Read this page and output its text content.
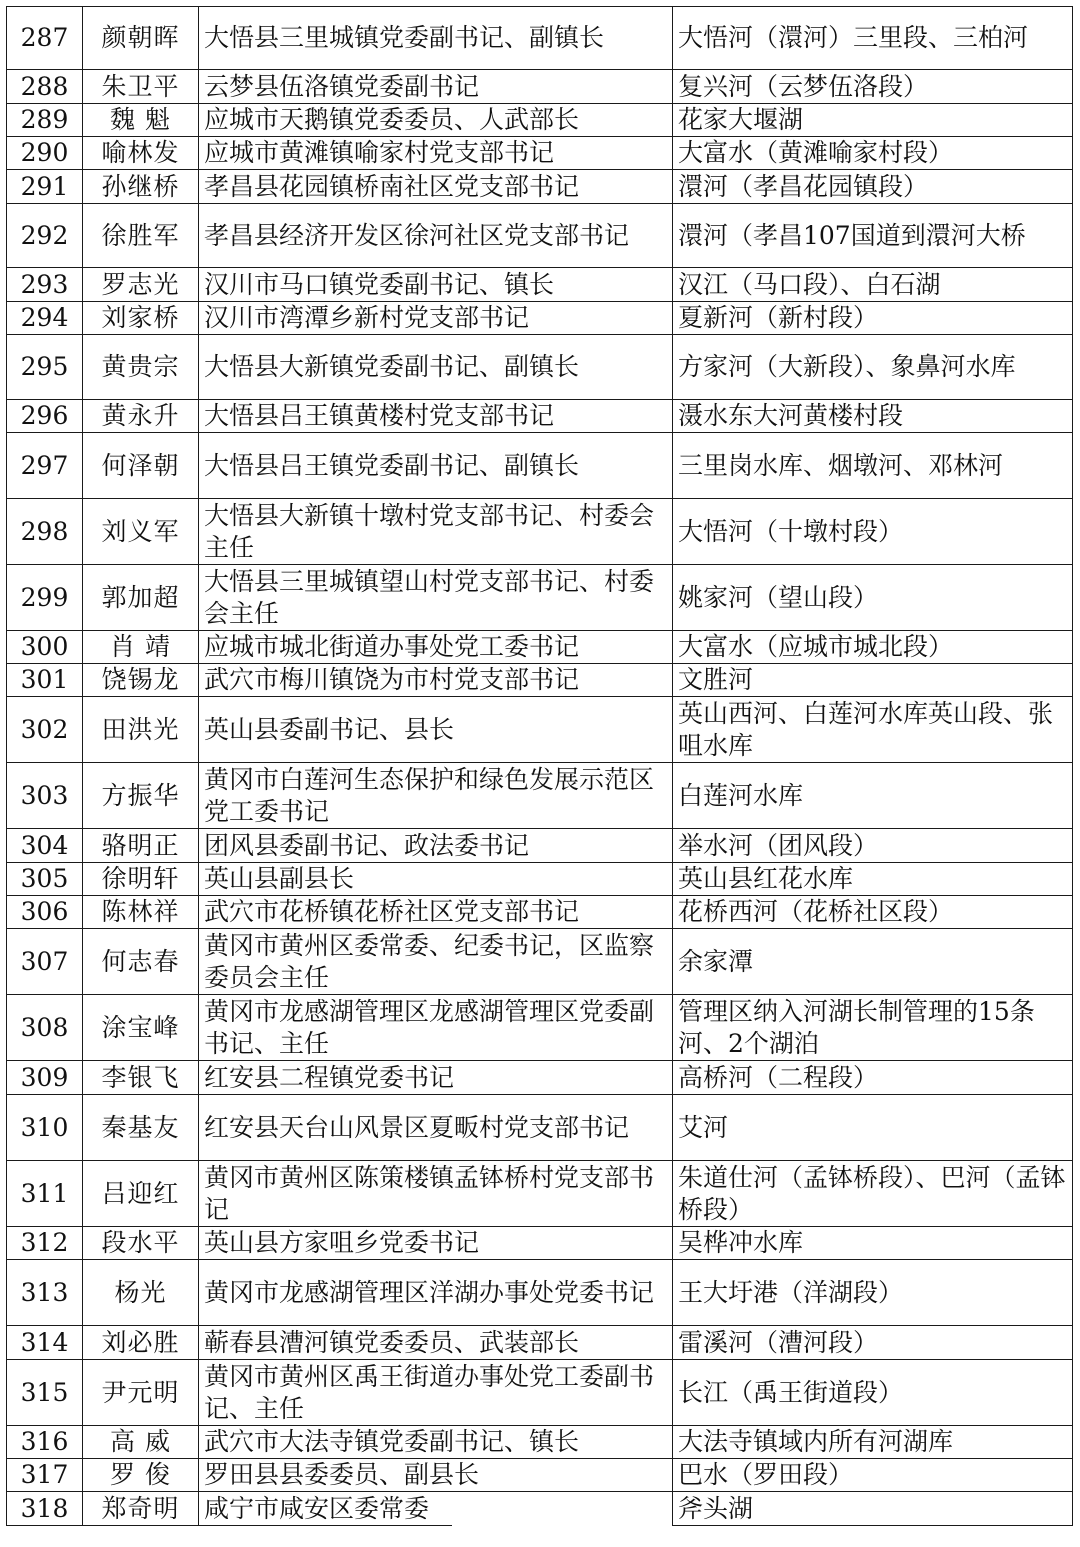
287	颜朝晖	大悟县三里城镇党委副书记、副镇长	大悟河（澴河）三里段、三柏河
288	朱卫平	云梦县伍洛镇党委副书记	复兴河（云梦伍洛段）
289	魏 魁	应城市天鹅镇党委委员、人武部长	花家大堰湖
290	喻林发	应城市黄滩镇喻家村党支部书记	大富水（黄滩喻家村段）
291	孙继桥	孝昌县花园镇桥南社区党支部书记	澴河（孝昌花园镇段）
292	徐胜军	孝昌县经济开发区徐河社区党支部书记	澴河（孝昌107国道到澴河大桥
293	罗志光	汉川市马口镇党委副书记、镇长	汉江（马口段）、白石湖
294	刘家桥	汉川市湾潭乡新村党支部书记	夏新河（新村段）
295	黄贵宗	大悟县大新镇党委副书记、副镇长	方家河（大新段）、象鼻河水库
296	黄永升	大悟县吕王镇黄楼村党支部书记	滠水东大河黄楼村段
297	何泽朝	大悟县吕王镇党委副书记、副镇长	三里岗水库、烟墩河、邓林河
298	刘义军	大悟县大新镇十墩村党支部书记、村委会主任	大悟河（十墩村段）
299	郭加超	大悟县三里城镇望山村党支部书记、村委会主任	姚家河（望山段）
300	肖 靖	应城市城北街道办事处党工委书记	大富水（应城市城北段）
301	饶锡龙	武穴市梅川镇饶为市村党支部书记	文胜河
302	田洪光	英山县委副书记、县长	英山西河、白莲河水库英山段、张咀水库
303	方振华	黄冈市白莲河生态保护和绿色发展示范区党工委书记	白莲河水库
304	骆明正	团风县委副书记、政法委书记	举水河（团风段）
305	徐明轩	英山县副县长	英山县红花水库
306	陈林祥	武穴市花桥镇花桥社区党支部书记	花桥西河（花桥社区段）
307	何志春	黄冈市黄州区委常委、纪委书记，区监察委员会主任	余家潭
308	涂宝峰	黄冈市龙感湖管理区龙感湖管理区党委副书记、主任	管理区纳入河湖长制管理的15条河、2个湖泊
309	李银飞	红安县二程镇党委书记	高桥河（二程段）
310	秦基友	红安县天台山风景区夏畈村党支部书记	艾河
311	吕迎红	黄冈市黄州区陈策楼镇孟钵桥村党支部书记	朱道仕河（孟钵桥段）、巴河（孟钵桥段）
312	段水平	英山县方家咀乡党委书记	吴桦冲水库
313	杨光	黄冈市龙感湖管理区洋湖办事处党委书记	王大圩港（洋湖段）
314	刘必胜	蕲春县漕河镇党委委员、武装部长	雷溪河（漕河段）
315	尹元明	黄冈市黄州区禹王街道办事处党工委副书记、主任	长江（禹王街道段）
316	高 威	武穴市大法寺镇党委副书记、镇长	大法寺镇域内所有河湖库
317	罗 俊	罗田县县委委员、副县长	巴水（罗田段）
318	郑奇明	咸宁市咸安区委常委	斧头湖
